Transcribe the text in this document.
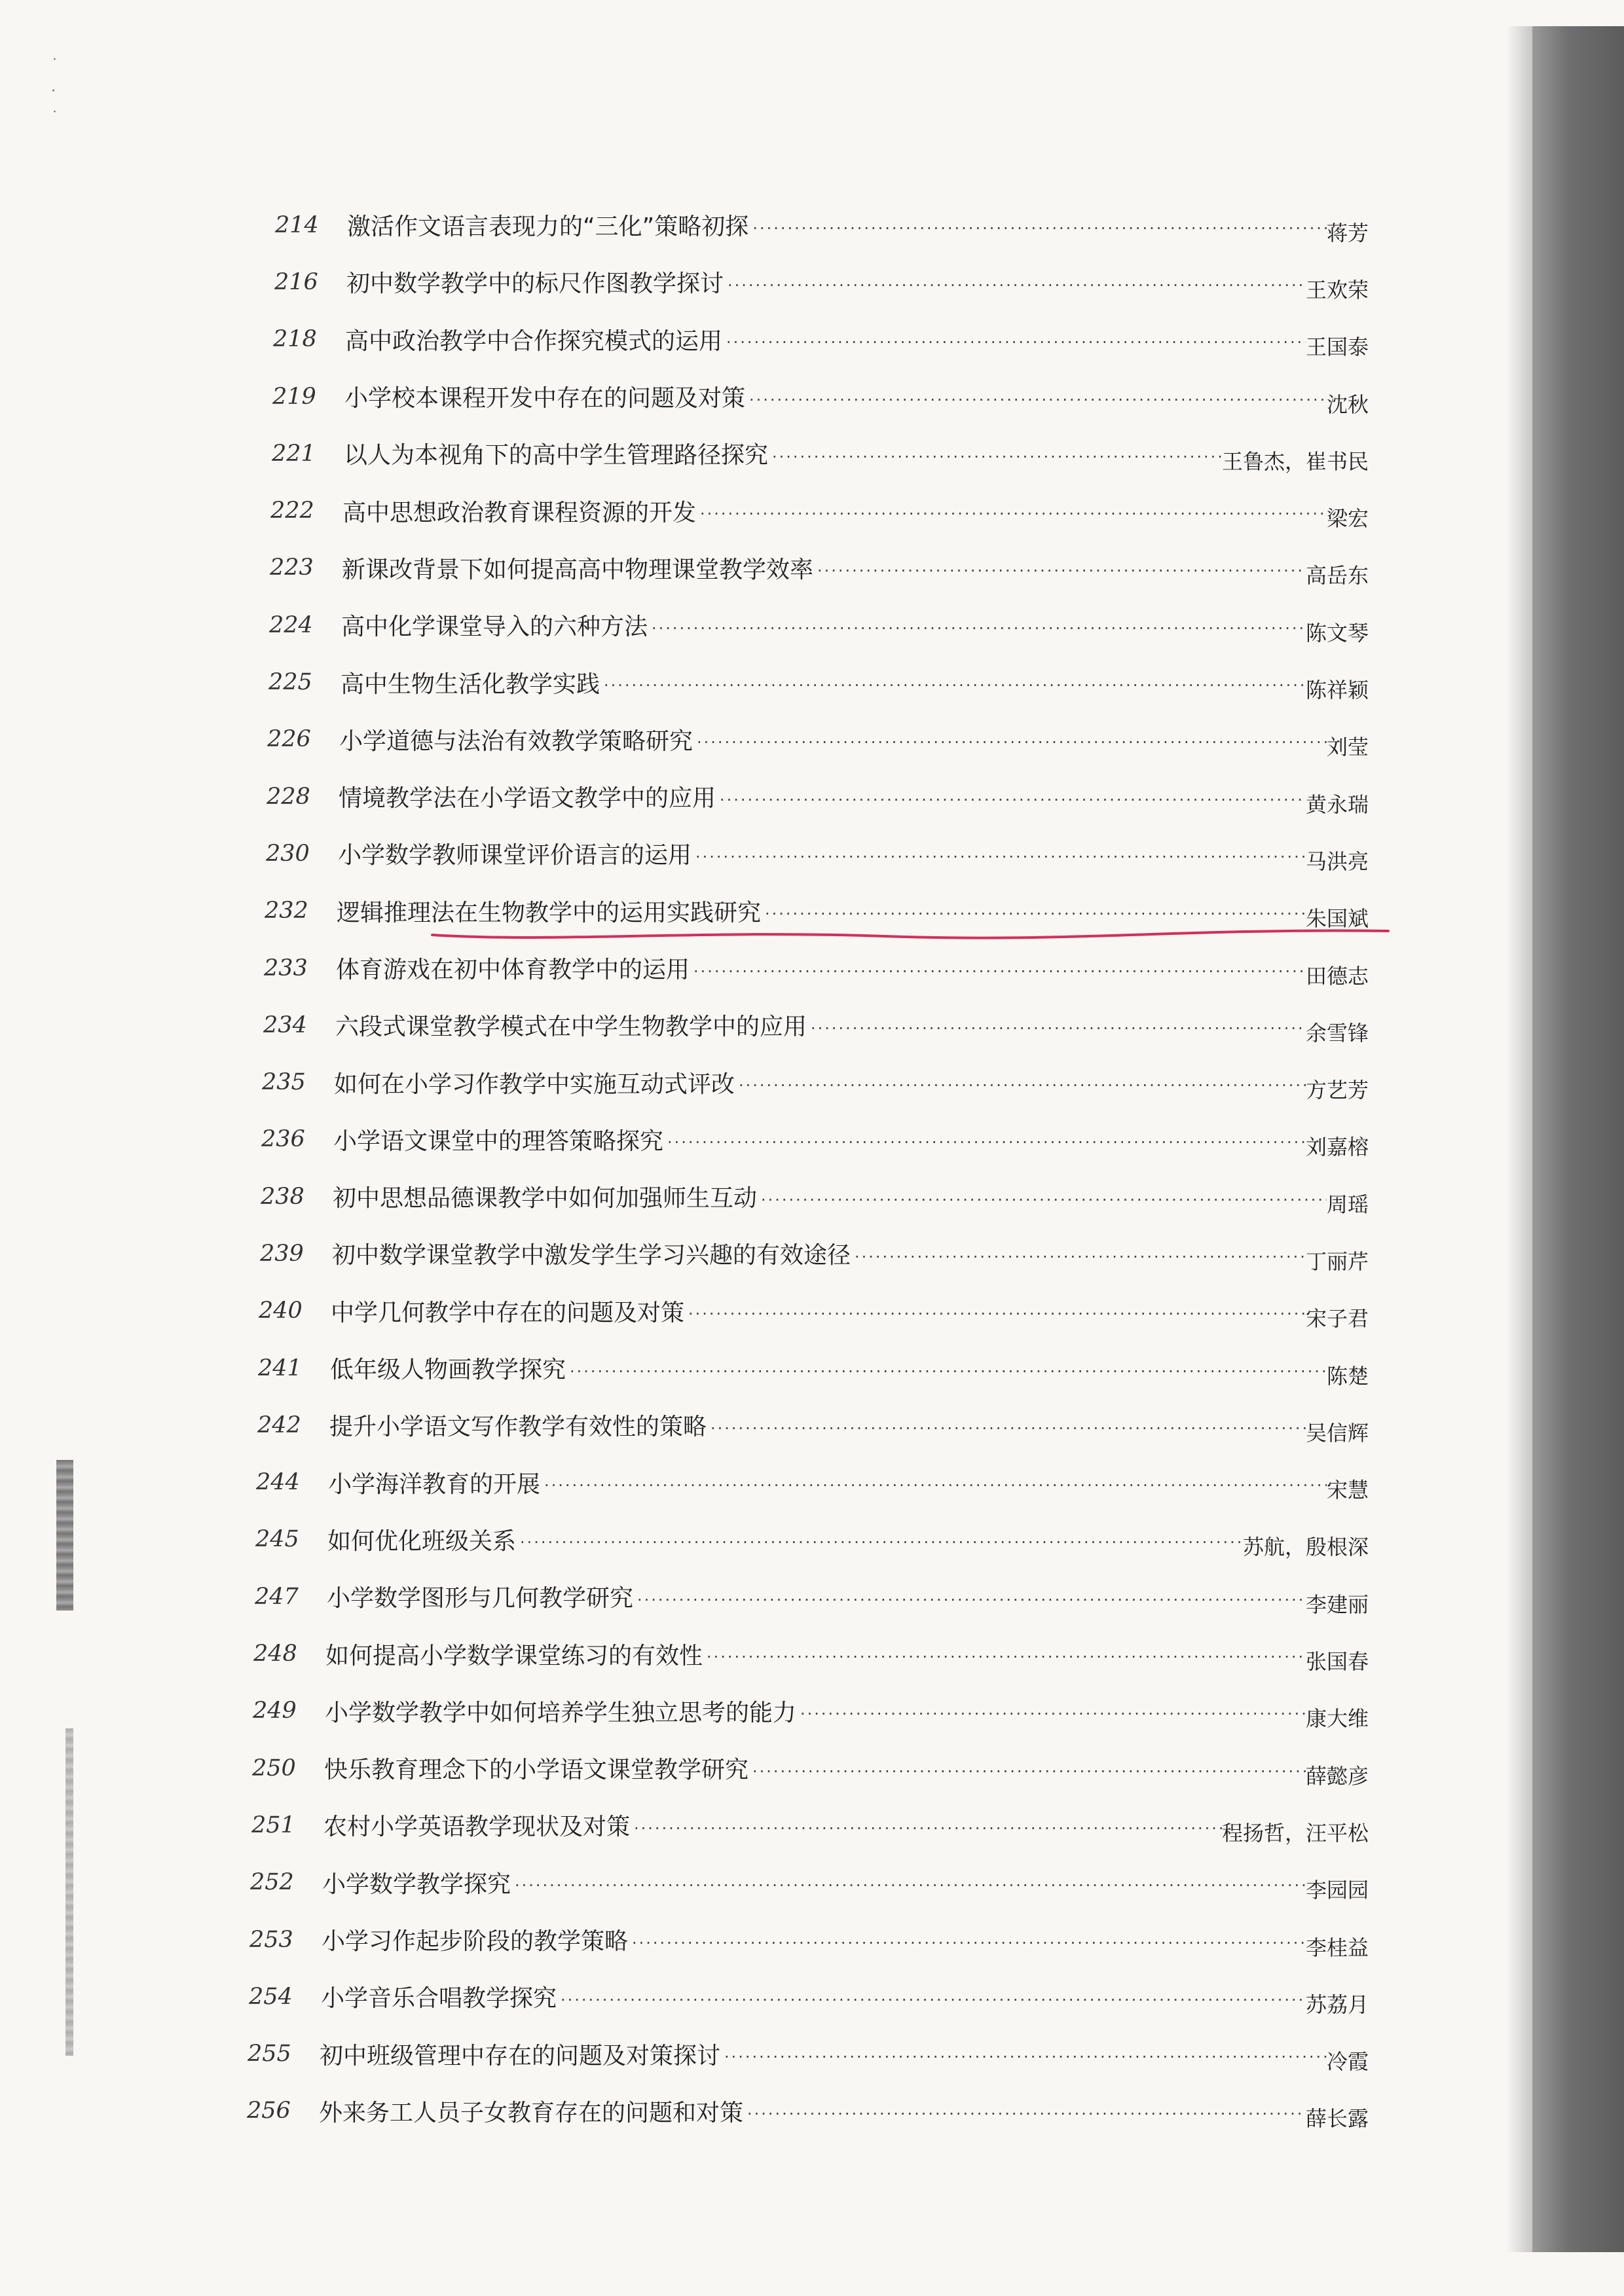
˙
·
˙
214	激活作文语言表现力的“三化”策略初探 ·····	蒋芳
216	初中数学教学中的标尺作图教学探讨 ·····	王欢荣
218	高中政治教学中合作探究模式的运用 ·····	王国泰
219	小学校本课程开发中存在的问题及对策 ·····	沈秋
221	以人为本视角下的高中学生管理路径探究 ·····	王鲁杰，崔书民
222	高中思想政治教育课程资源的开发 ·····	梁宏
223	新课改背景下如何提高高中物理课堂教学效率 ·····	高岳东
224	高中化学课堂导入的六种方法 ·····	陈文琴
225	高中生物生活化教学实践 ·····	陈祥颖
226	小学道德与法治有效教学策略研究 ·····	刘莹
228	情境教学法在小学语文教学中的应用 ·····	黄永瑞
230	小学数学教师课堂评价语言的运用 ·····	马洪亮
232	逻辑推理法在生物教学中的运用实践研究 ·····	朱国斌
233	体育游戏在初中体育教学中的运用 ·····	田德志
234	六段式课堂教学模式在中学生物教学中的应用 ·····	余雪锋
235	如何在小学习作教学中实施互动式评改 ·····	方艺芳
236	小学语文课堂中的理答策略探究 ·····	刘嘉榕
238	初中思想品德课教学中如何加强师生互动 ·····	周瑶
239	初中数学课堂教学中激发学生学习兴趣的有效途径 ·····	丁丽芹
240	中学几何教学中存在的问题及对策 ·····	宋子君
241	低年级人物画教学探究 ·····	陈楚
242	提升小学语文写作教学有效性的策略 ·····	吴信辉
244	小学海洋教育的开展 ·····	宋慧
245	如何优化班级关系 ·····	苏航，殷根深
247	小学数学图形与几何教学研究 ·····	李建丽
248	如何提高小学数学课堂练习的有效性 ·····	张国春
249	小学数学教学中如何培养学生独立思考的能力 ·····	康大维
250	快乐教育理念下的小学语文课堂教学研究 ·····	薛懿彦
251	农村小学英语教学现状及对策 ·····	程扬哲，汪平松
252	小学数学教学探究 ·····	李园园
253	小学习作起步阶段的教学策略 ·····	李桂益
254	小学音乐合唱教学探究 ·····	苏荔月
255	初中班级管理中存在的问题及对策探讨 ·····	冷霞
256	外来务工人员子女教育存在的问题和对策 ·····	薛长露
